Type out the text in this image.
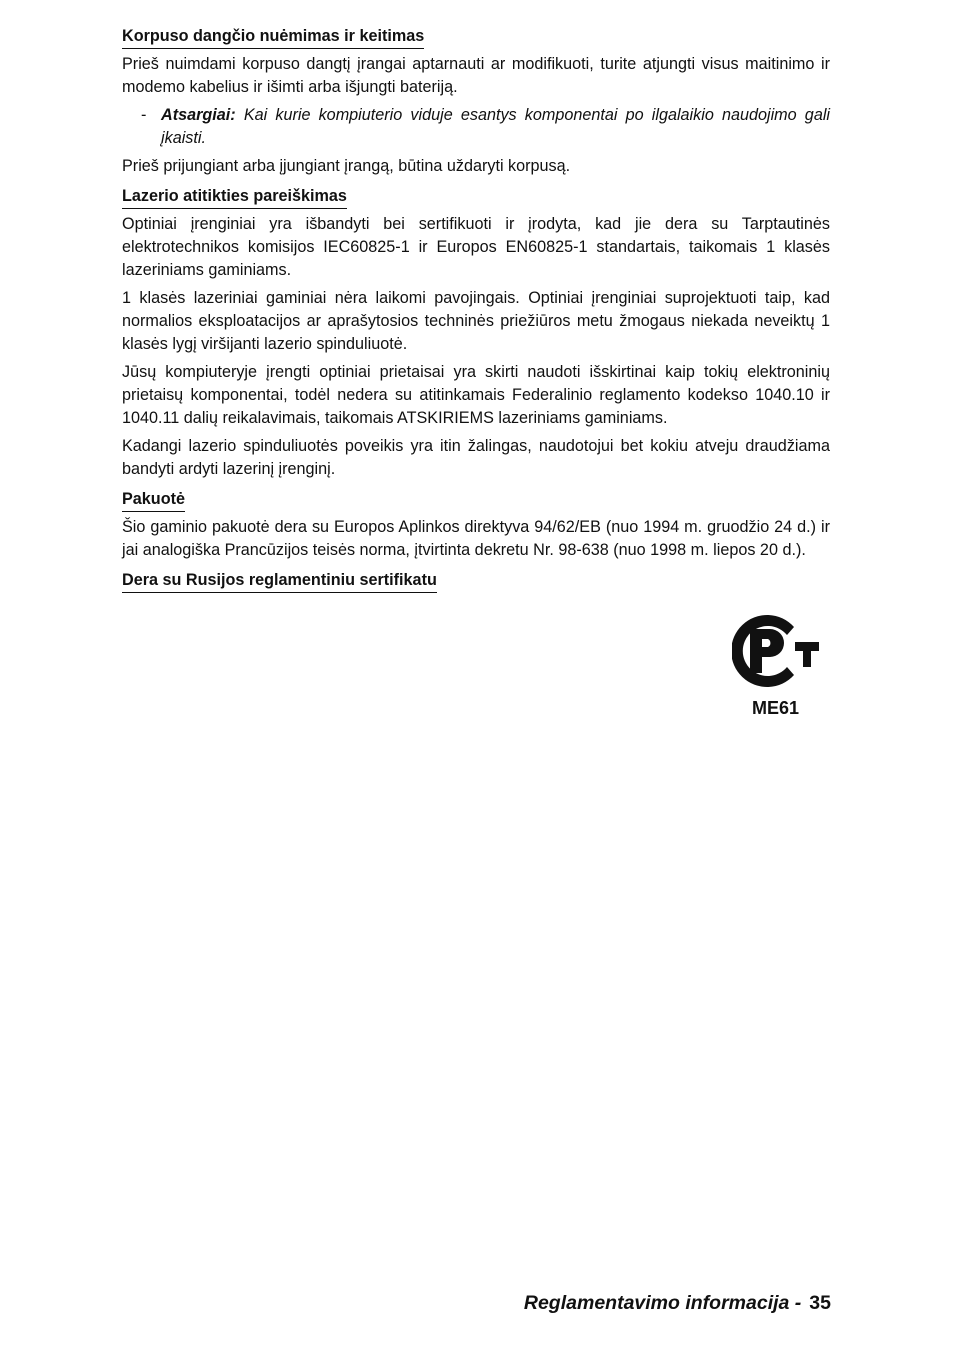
Korpuso dangčio nuėmimas ir keitimas

Prieš nuimdami korpuso dangtį įrangai aptarnauti ar modifikuoti, turite atjungti visus maitinimo ir modemo kabelius ir išimti arba išjungti bateriją.

- Atsargiai: Kai kurie kompiuterio viduje esantys komponentai po ilgalaikio naudojimo gali įkaisti.

Prieš prijungiant arba įjungiant įrangą, būtina uždaryti korpusą.

Lazerio atitikties pareiškimas

Optiniai įrenginiai yra išbandyti bei sertifikuoti ir įrodyta, kad jie dera su Tarptautinės elektrotechnikos komisijos IEC60825-1 ir Europos EN60825-1 standartais, taikomais 1 klasės lazeriniams gaminiams.

1 klasės lazeriniai gaminiai nėra laikomi pavojingais. Optiniai įrenginiai suprojektuoti taip, kad normalios eksploatacijos ar aprašytosios techninės priežiūros metu žmogaus niekada neveiktų 1 klasės lygį viršijanti lazerio spinduliuotė.

Jūsų kompiuteryje įrengti optiniai prietaisai yra skirti naudoti išskirtinai kaip tokių elektroninių prietaisų komponentai, todėl nedera su atitinkamais Federalinio reglamento kodekso 1040.10 ir 1040.11 dalių reikalavimais, taikomais ATSKIRIEMS lazeriniams gaminiams.

Kadangi lazerio spinduliuotės poveikis yra itin žalingas, naudotojui bet kokiu atveju draudžiama bandyti ardyti lazerinį įrenginį.

Pakuotė

Šio gaminio pakuotė dera su Europos Aplinkos direktyva 94/62/EB (nuo 1994 m. gruodžio 24 d.) ir jai analogiška Prancūzijos teisės norma, įtvirtinta dekretu Nr. 98-638 (nuo 1998 m. liepos 20 d.).

Dera su Rusijos reglamentiniu sertifikatu
ME61
Reglamentavimo informacija - 35
